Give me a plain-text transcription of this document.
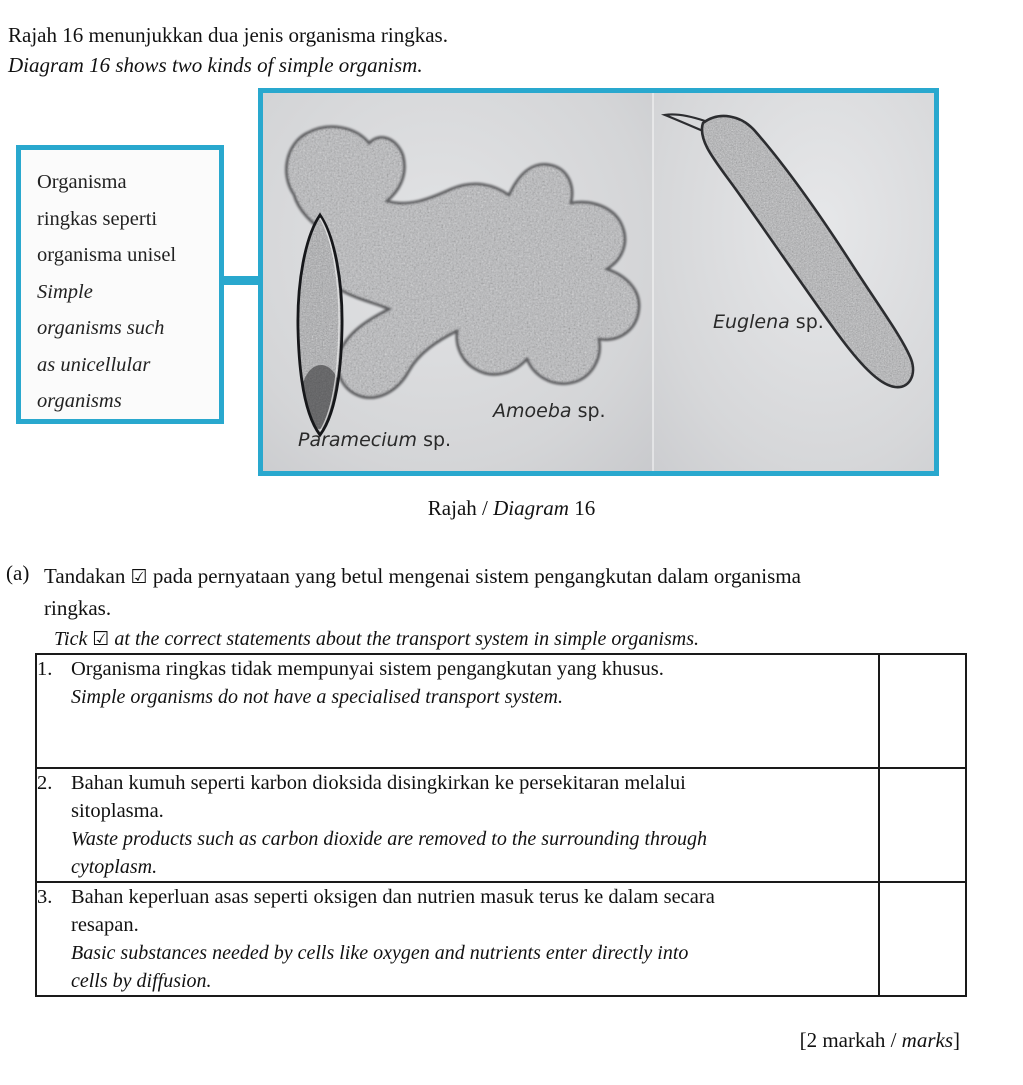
Rajah 16 menunjukkan dua jenis organisma ringkas.
Diagram 16 shows two kinds of simple organism.
Organisma
ringkas seperti
organisma unisel
Simple
organisms such
as unicellular
organisms
Paramecium sp.
Amoeba sp.
Euglena sp.
Rajah / Diagram 16
(a) Tandakan ☑ pada pernyataan yang betul mengenai sistem pengangkutan dalam organisma
ringkas.
Tick ☑ at the correct statements about the transport system in simple organisms.
1. Organisma ringkas tidak mempunyai sistem pengangkutan yang khusus.
Simple organisms do not have a specialised transport system.	

2. Bahan kumuh seperti karbon dioksida disingkirkan ke persekitaran melalui
sitoplasma.
Waste products such as carbon dioxide are removed to the surrounding through
cytoplasm.	

3. Bahan keperluan asas seperti oksigen dan nutrien masuk terus ke dalam secara
resapan.
Basic substances needed by cells like oxygen and nutrients enter directly into
cells by diffusion.	

[2 markah / marks]
